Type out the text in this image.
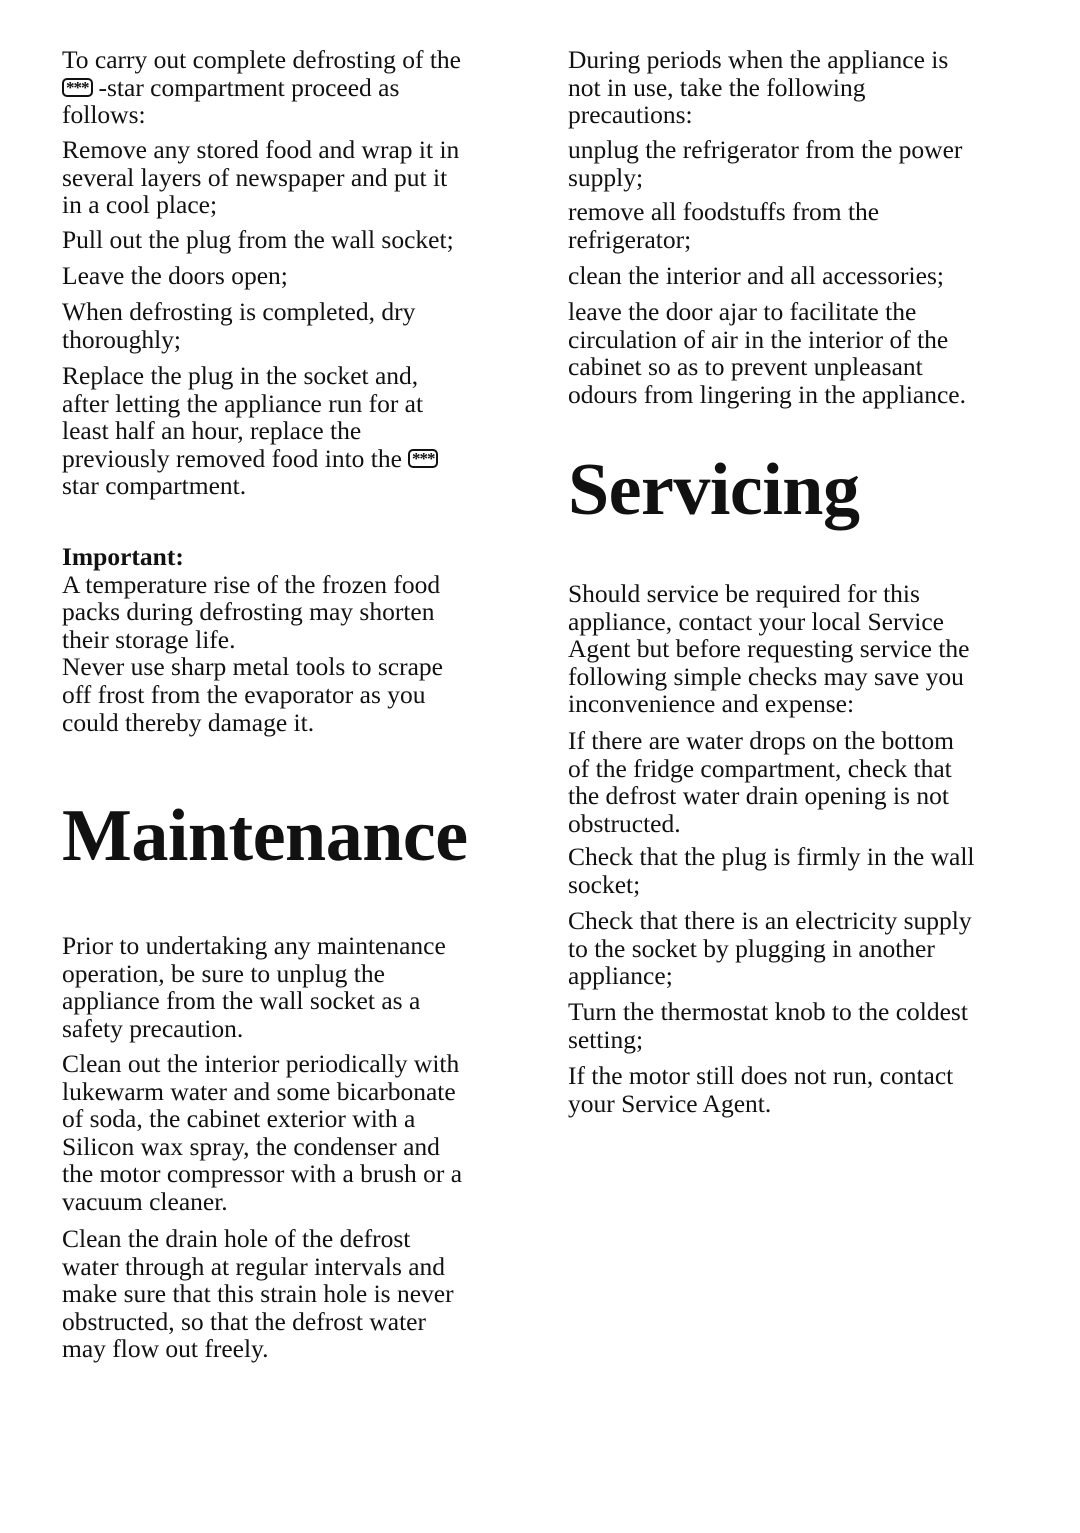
To carry out complete defrosting of the
*** -star compartment proceed as
follows:
Remove any stored food and wrap it in
several layers of newspaper and put it
in a cool place;
Pull out the plug from the wall socket;
Leave the doors open;
When defrosting is completed, dry
thoroughly;
Replace the plug in the socket and,
after letting the appliance run for at
least half an hour, replace the
previously removed food into the ***
star compartment.
Important:
A temperature rise of the frozen food
packs during defrosting may shorten
their storage life.
Never use sharp metal tools to scrape
off frost from the evaporator as you
could thereby damage it.
Prior to undertaking any maintenance
operation, be sure to unplug the
appliance from the wall socket as a
safety precaution.
Clean out the interior periodically with
lukewarm water and some bicarbonate
of soda, the cabinet exterior with a
Silicon wax spray, the condenser and
the motor compressor with a brush or a
vacuum cleaner.
Clean the drain hole of the defrost
water through at regular intervals and
make sure that this strain hole is never
obstructed, so that the defrost water
may flow out freely.
During periods when the appliance is
not in use, take the following
precautions:
unplug the refrigerator from the power
supply;
remove all foodstuffs from the
refrigerator;
clean the interior and all accessories;
leave the door ajar to facilitate the
circulation of air in the interior of the
cabinet so as to prevent unpleasant
odours from lingering in the appliance.
Should service be required for this
appliance, contact your local Service
Agent but before requesting service the
following simple checks may save you
inconvenience and expense:
If there are water drops on the bottom
of the fridge compartment, check that
the defrost water drain opening is not
obstructed.
Check that the plug is firmly in the wall
socket;
Check that there is an electricity supply
to the socket by plugging in another
appliance;
Turn the thermostat knob to the coldest
setting;
If the motor still does not run, contact
your Service Agent.
Maintenance
Servicing
